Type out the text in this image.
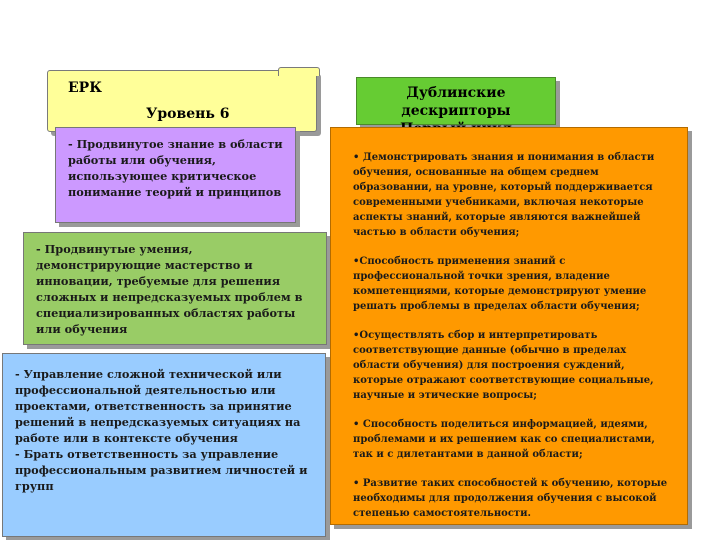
ЕРК
Уровень 6
Дублинские дескрипторы
- Продвинутое знание в области работы или обучения, использующее критическое понимание теорий и принципов
- Продвинутые умения, демонстрирующие мастерство и инновации, требуемые для решения сложных и непредсказуемых проблем в специализированных областях работы или обучения
- Управление сложной технической или профессиональной деятельностью или проектами, ответственность за принятие решений в непредсказуемых ситуациях на работе или в контексте обучения
- Брать ответственность за управление профессиональным развитием личностей и групп

• Демонстрировать знания и понимания в области обучения, основанные на общем среднем образовании, на уровне, который поддерживается современными учебниками, включая некоторые аспекты знаний, которые являются важнейшей частью в области обучения;

•Способность применения знаний с профессиональной точки зрения, владение компетенциями, которые демонстрируют умение решать проблемы в пределах области обучения;

•Осуществлять сбор и интерпретировать соответствующие данные (обычно в пределах области обучения) для построения суждений, которые отражают соответствующие социальные, научные и этические вопросы;

• Способность поделиться информацией, идеями, проблемами и их решением как со специалистами, так и с дилетантами в данной области;

• Развитие таких способностей к обучению, которые необходимы для продолжения обучения с высокой степенью самостоятельности.
